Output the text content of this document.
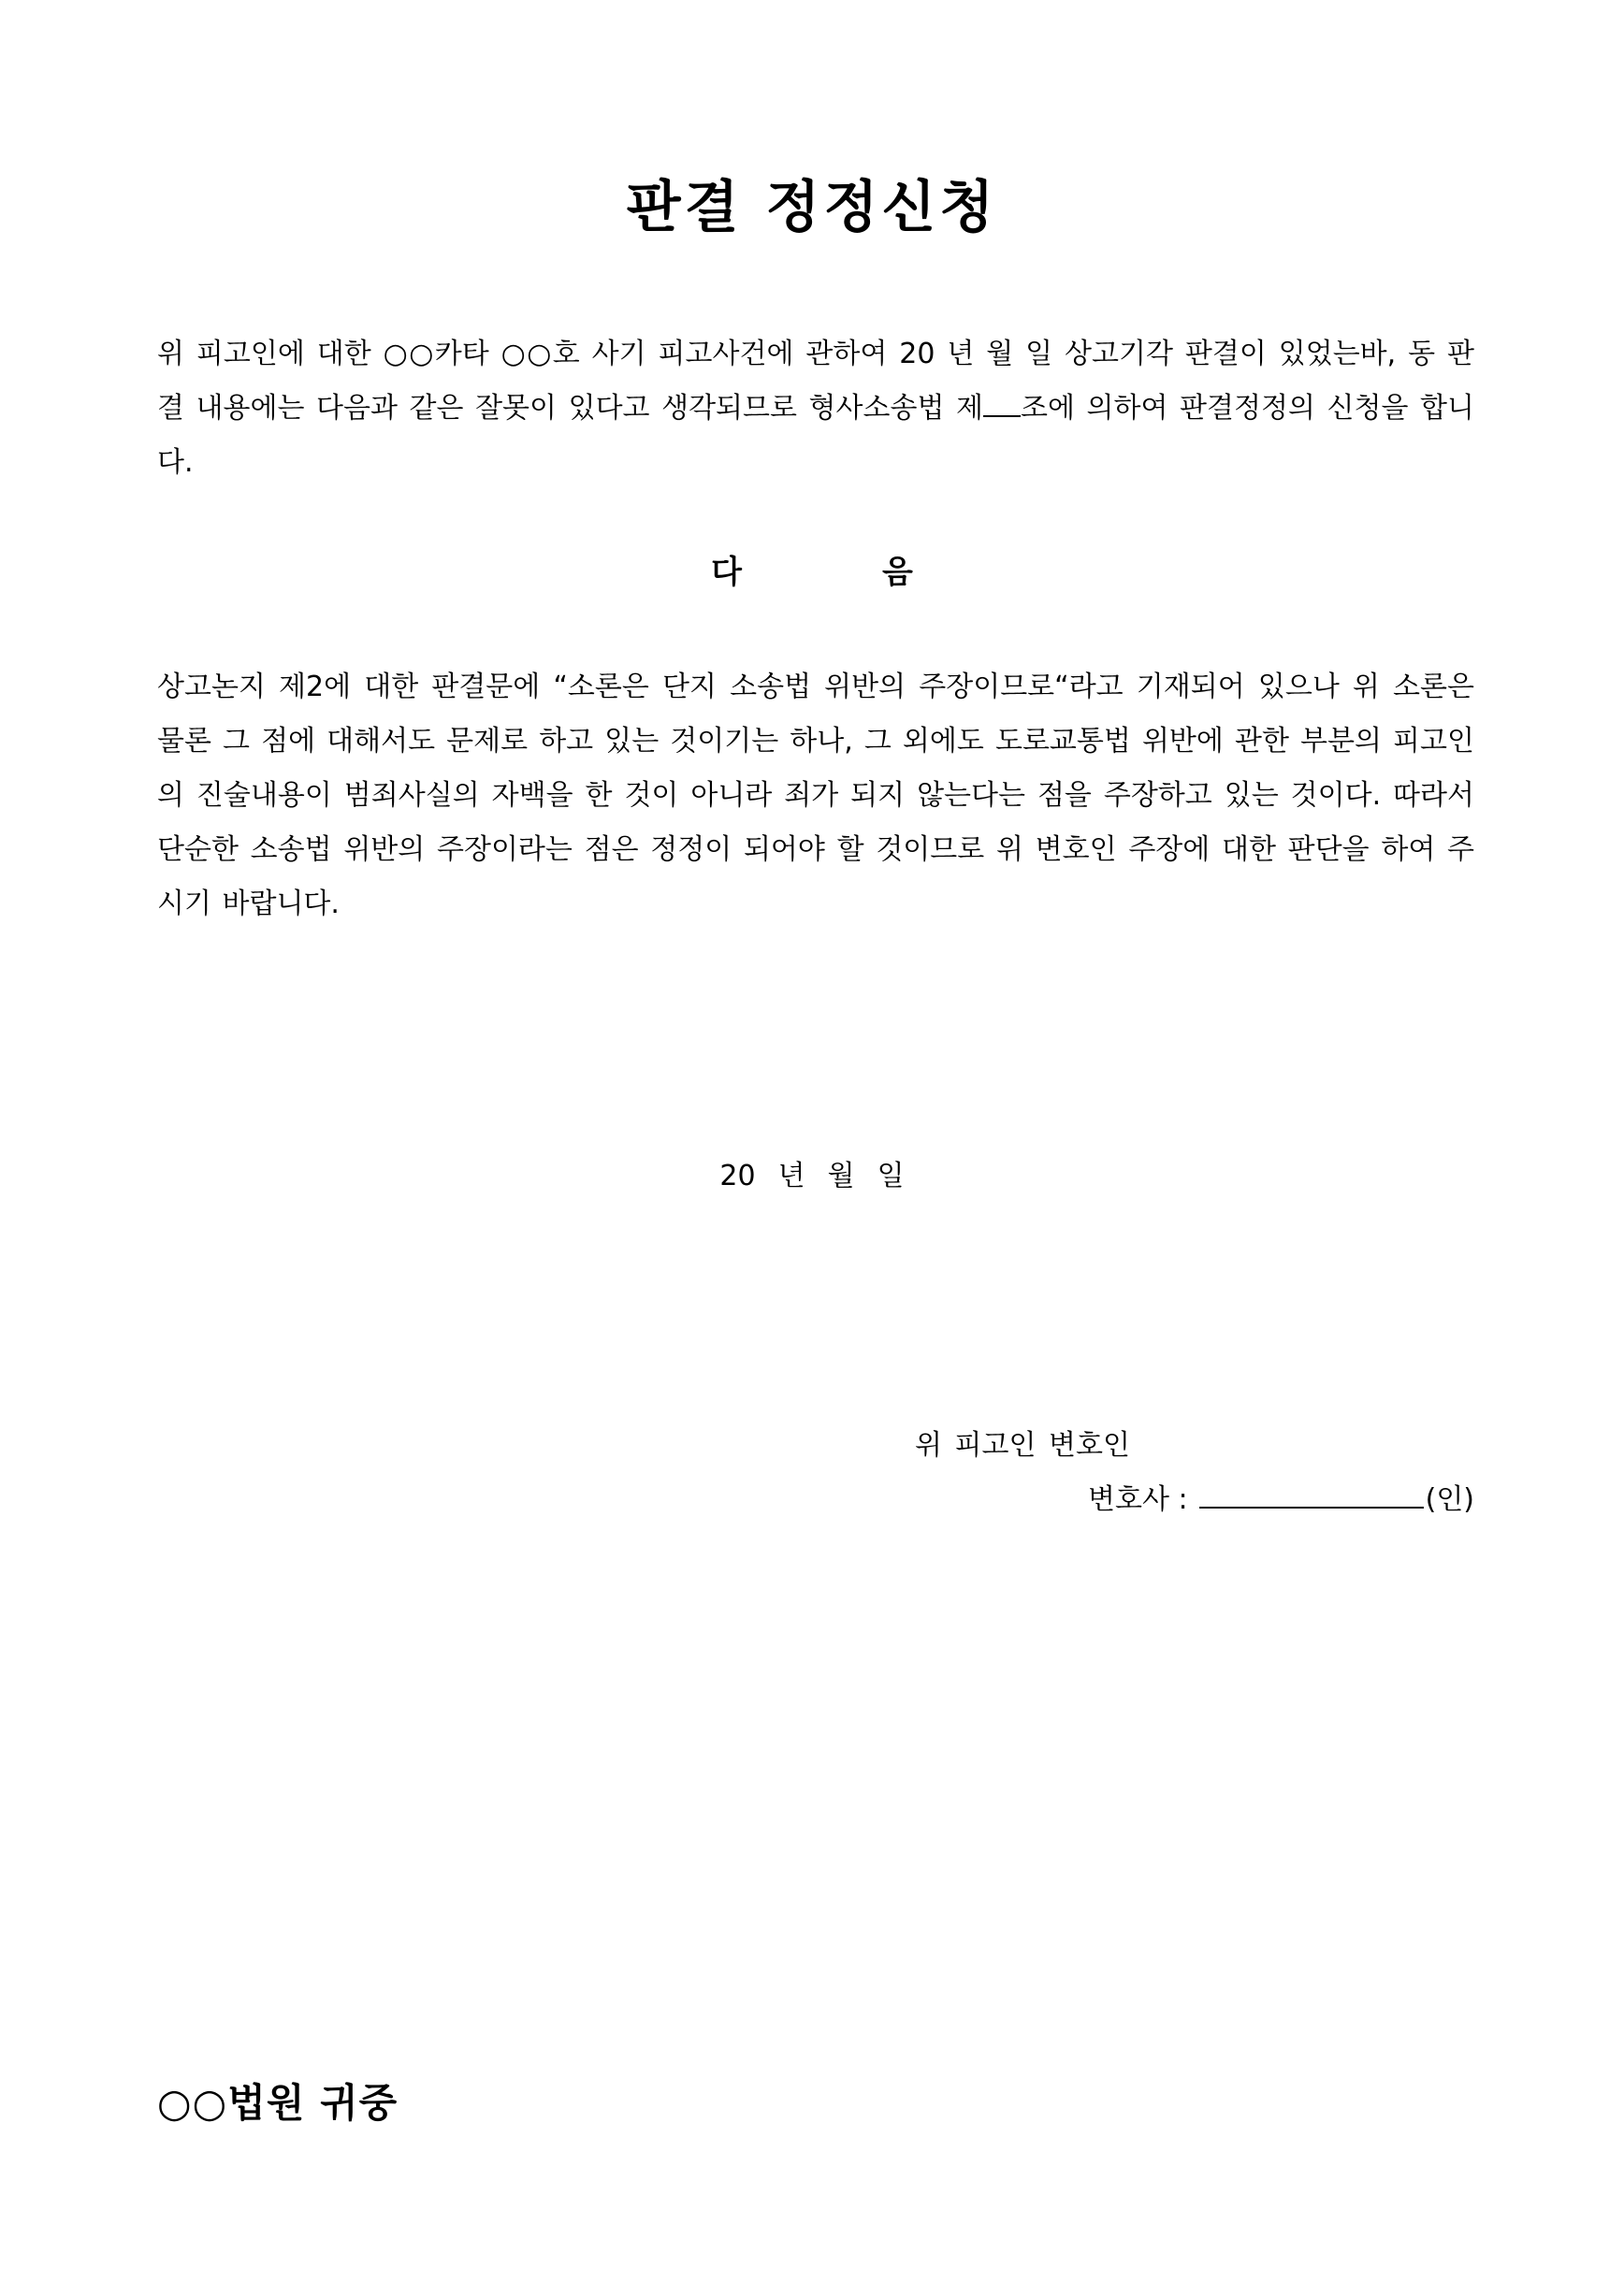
판결 정정신청

위 피고인에 대한 ○○카타 ○○호 사기 피고사건에 관하여 20 년 월 일 상고기각 판결이 있었는바, 동 판결 내용에는 다음과 같은 잘못이 있다고 생각되므로 형사소송법 제 조에 의하여 판결정정의 신청을 합니다.

다	음

상고논지 제2에 대한 판결문에 “소론은 단지 소송법 위반의 주장이므로“라고 기재되어 있으나 위 소론은 물론 그 점에 대해서도 문제로 하고 있는 것이기는 하나, 그 외에도 도로교통법 위반에 관한 부분의 피고인의 진술내용이 범죄사실의 자백을 한 것이 아니라 죄가 되지 않는다는 점을 주장하고 있는 것이다. 따라서 단순한 소송법 위반의 주장이라는 점은 정정이 되어야 할 것이므로 위 변호인 주장에 대한 판단을 하여 주시기 바랍니다.

20 년 월 일

위 피고인 변호인

변호사 :	(인)

○○법원 귀중
